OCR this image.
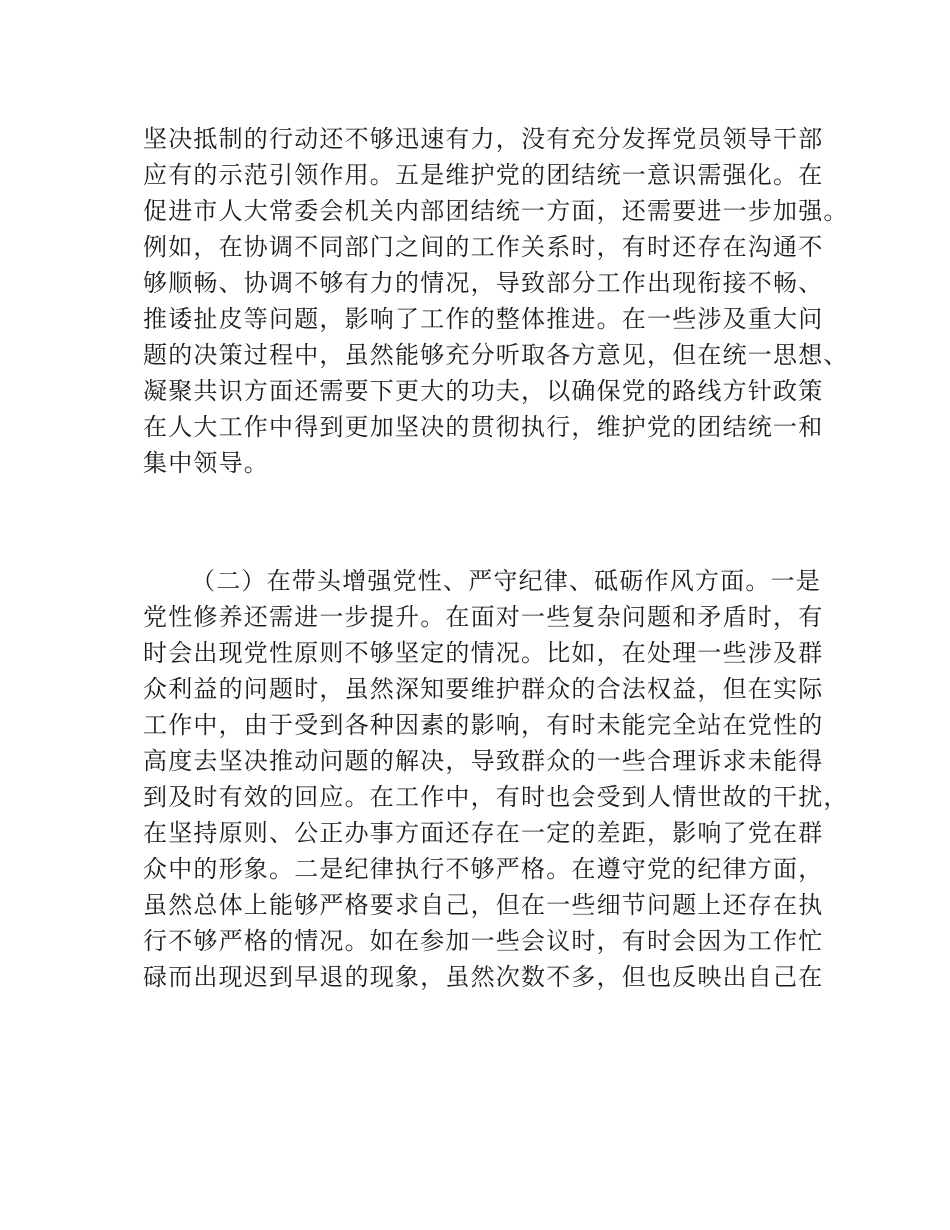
坚决抵制的行动还不够迅速有力，没有充分发挥党员领导干部
应有的示范引领作用。五是维护党的团结统一意识需强化。在
促进市人大常委会机关内部团结统一方面，还需要进一步加强。
例如，在协调不同部门之间的工作关系时，有时还存在沟通不
够顺畅、协调不够有力的情况，导致部分工作出现衔接不畅、
推诿扯皮等问题，影响了工作的整体推进。在一些涉及重大问
题的决策过程中，虽然能够充分听取各方意见，但在统一思想、
凝聚共识方面还需要下更大的功夫，以确保党的路线方针政策
在人大工作中得到更加坚决的贯彻执行，维护党的团结统一和
集中领导。
（二）在带头增强党性、严守纪律、砥砺作风方面。一是
党性修养还需进一步提升。在面对一些复杂问题和矛盾时，有
时会出现党性原则不够坚定的情况。比如，在处理一些涉及群
众利益的问题时，虽然深知要维护群众的合法权益，但在实际
工作中，由于受到各种因素的影响，有时未能完全站在党性的
高度去坚决推动问题的解决，导致群众的一些合理诉求未能得
到及时有效的回应。在工作中，有时也会受到人情世故的干扰，
在坚持原则、公正办事方面还存在一定的差距，影响了党在群
众中的形象。二是纪律执行不够严格。在遵守党的纪律方面，
虽然总体上能够严格要求自己，但在一些细节问题上还存在执
行不够严格的情况。如在参加一些会议时，有时会因为工作忙
碌而出现迟到早退的现象，虽然次数不多，但也反映出自己在
